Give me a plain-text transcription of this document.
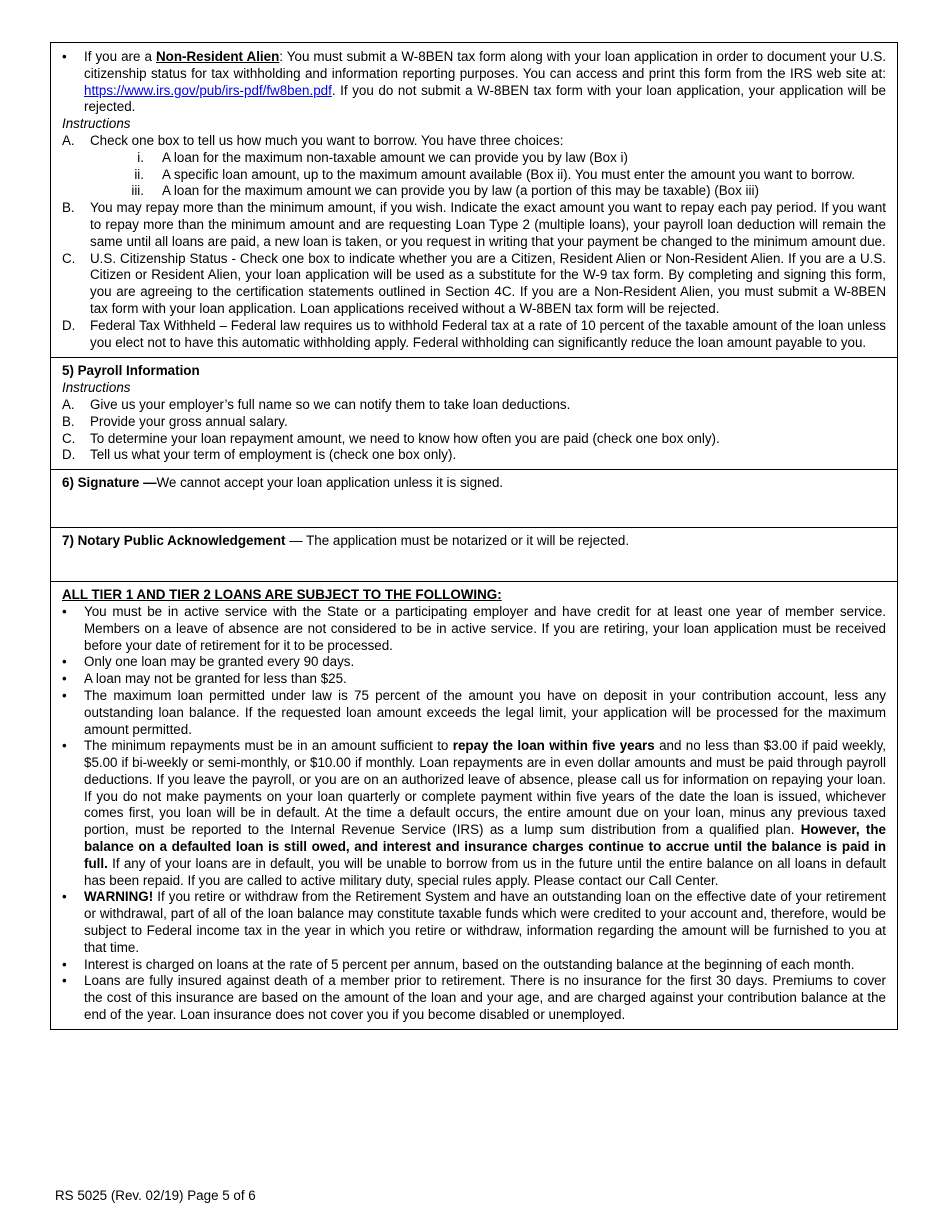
•	If you are a Non-Resident Alien: You must submit a W-8BEN tax form along with your loan application in order to document your U.S. citizenship status for tax withholding and information reporting purposes. You can access and print this form from the IRS web site at: https://www.irs.gov/pub/irs-pdf/fw8ben.pdf. If you do not submit a W-8BEN tax form with your loan application, your application will be rejected.

Instructions
A.	Check one box to tell us how much you want to borrow. You have three choices:

i. A loan for the maximum non-taxable amount we can provide you by law (Box i)
ii. A specific loan amount, up to the maximum amount available (Box ii). You must enter the amount you want to borrow.
iii. A loan for the maximum amount we can provide you by law (a portion of this may be taxable) (Box iii)
B.	You may repay more than the minimum amount, if you wish. Indicate the exact amount you want to repay each pay period. If you want to repay more than the minimum amount and are requesting Loan Type 2 (multiple loans), your payroll loan deduction will remain the same until all loans are paid, a new loan is taken, or you request in writing that your payment be changed to the minimum amount due.

C.	U.S. Citizenship Status - Check one box to indicate whether you are a Citizen, Resident Alien or Non-Resident Alien. If you are a U.S. Citizen or Resident Alien, your loan application will be used as a substitute for the W-9 tax form. By completing and signing this form, you are agreeing to the certification statements outlined in Section 4C. If you are a Non-Resident Alien, you must submit a W-8BEN tax form with your loan application. Loan applications received without a W-8BEN tax form will be rejected.

D.	Federal Tax Withheld – Federal law requires us to withhold Federal tax at a rate of 10 percent of the taxable amount of the loan unless you elect not to have this automatic withholding apply. Federal withholding can significantly reduce the loan amount payable to you.

5) Payroll Information
Instructions
A.	Give us your employer’s full name so we can notify them to take loan deductions.

B.	Provide your gross annual salary.

C.	To determine your loan repayment amount, we need to know how often you are paid (check one box only).

D.	Tell us what your term of employment is (check one box only).

6) Signature —We cannot accept your loan application unless it is signed.

7) Notary Public Acknowledgement — The application must be notarized or it will be rejected.

ALL TIER 1 AND TIER 2 LOANS ARE SUBJECT TO THE FOLLOWING:
•	You must be in active service with the State or a participating employer and have credit for at least one year of member service. Members on a leave of absence are not considered to be in active service. If you are retiring, your loan application must be received before your date of retirement for it to be processed.

•	Only one loan may be granted every 90 days.

•	A loan may not be granted for less than $25.

•	The maximum loan permitted under law is 75 percent of the amount you have on deposit in your contribution account, less any outstanding loan balance. If the requested loan amount exceeds the legal limit, your application will be processed for the maximum amount permitted.

•	The minimum repayments must be in an amount sufficient to repay the loan within five years and no less than $3.00 if paid weekly, $5.00 if bi-weekly or semi-monthly, or $10.00 if monthly. Loan repayments are in even dollar amounts and must be paid through payroll deductions. If you leave the payroll, or you are on an authorized leave of absence, please call us for information on repaying your loan. If you do not make payments on your loan quarterly or complete payment within five years of the date the loan is issued, whichever comes first, you loan will be in default. At the time a default occurs, the entire amount due on your loan, minus any previous taxed portion, must be reported to the Internal Revenue Service (IRS) as a lump sum distribution from a qualified plan. However, the balance on a defaulted loan is still owed, and interest and insurance charges continue to accrue until the balance is paid in full. If any of your loans are in default, you will be unable to borrow from us in the future until the entire balance on all loans in default has been repaid. If you are called to active military duty, special rules apply. Please contact our Call Center.

•	WARNING! If you retire or withdraw from the Retirement System and have an outstanding loan on the effective date of your retirement or withdrawal, part of all of the loan balance may constitute taxable funds which were credited to your account and, therefore, would be subject to Federal income tax in the year in which you retire or withdraw, information regarding the amount will be furnished to you at that time.

•	Interest is charged on loans at the rate of 5 percent per annum, based on the outstanding balance at the beginning of each month.

•	Loans are fully insured against death of a member prior to retirement. There is no insurance for the first 30 days. Premiums to cover the cost of this insurance are based on the amount of the loan and your age, and are charged against your contribution balance at the end of the year. Loan insurance does not cover you if you become disabled or unemployed.

RS 5025 (Rev. 02/19) Page 5 of 6
